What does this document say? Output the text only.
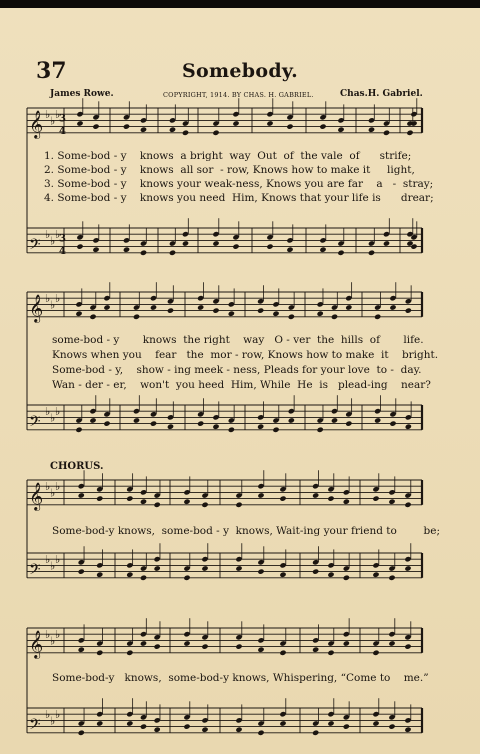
37	Somebody.
James Rowe.	COPYRIGHT, 1914. BY CHAS. H. GABRIEL.	Chas.H. Gabriel.
1. Some-bod - y    knows  a bright  way  Out  of  the vale  of      strife;
2. Some-bod - y    knows  all sor  - row, Knows how to make it     light,
3. Some-bod - y    knows your weak-ness, Knows you are far    a   -  stray;
4. Some-bod - y    knows you need  Him, Knows that your life is      drear;
some-bod - y       knows  the right    way   O - ver  the  hills  of       life.
Knows when you    fear   the  mor - row, Knows how to make  it    bright.
Some-bod - y,    show - ing meek - ness, Pleads for your love  to -  day.
Wan - der - er,    won't  you heed  Him, While  He  is   plead-ing    near?
CHORUS.
Some-bod-y knows,  some-bod - y  knows, Wait-ing your friend to        be;
Some-bod-y   knows,  some-bod-y knows, Whispering, “Come to    me.”
𝄞 ♭ ♭ ♭
3
4
𝄢
♭ ♭ ♭
3
4
𝄞 ♭ ♭ ♭
𝄢
♭ ♭ ♭
𝄞 ♭ ♭ ♭
𝄢
♭ ♭ ♭
𝄞 ♭ ♭ ♭
𝄢
♭ ♭ ♭
